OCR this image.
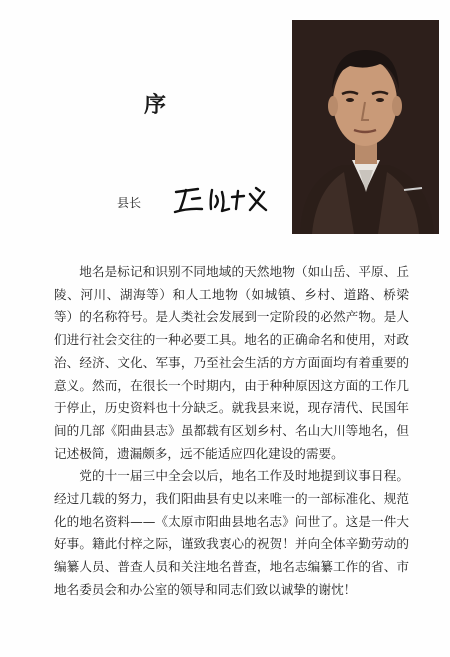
序
县长

地名是标记和识别不同地域的天然地物（如山岳、平原、丘陵、河川、湖海等）和人工地物（如城镇、乡村、道路、桥梁等）的名称符号。是人类社会发展到一定阶段的必然产物。是人们进行社会交往的一种必要工具。地名的正确命名和使用，对政治、经济、文化、军事，乃至社会生活的方方面面均有着重要的意义。然而，在很长一个时期内，由于种种原因这方面的工作几于停止，历史资料也十分缺乏。就我县来说，现存清代、民国年间的几部《阳曲县志》虽都载有区划乡村、名山大川等地名，但记述极简，遗漏颇多，远不能适应四化建设的需要。

党的十一届三中全会以后，地名工作及时地提到议事日程。经过几载的努力，我们阳曲县有史以来唯一的一部标准化、规范化的地名资料——《太原市阳曲县地名志》问世了。这是一件大好事。籍此付梓之际，谨致我衷心的祝贺！并向全体辛勤劳动的编纂人员、普查人员和关注地名普查，地名志编纂工作的省、市地名委员会和办公室的领导和同志们致以诚挚的谢忱！
